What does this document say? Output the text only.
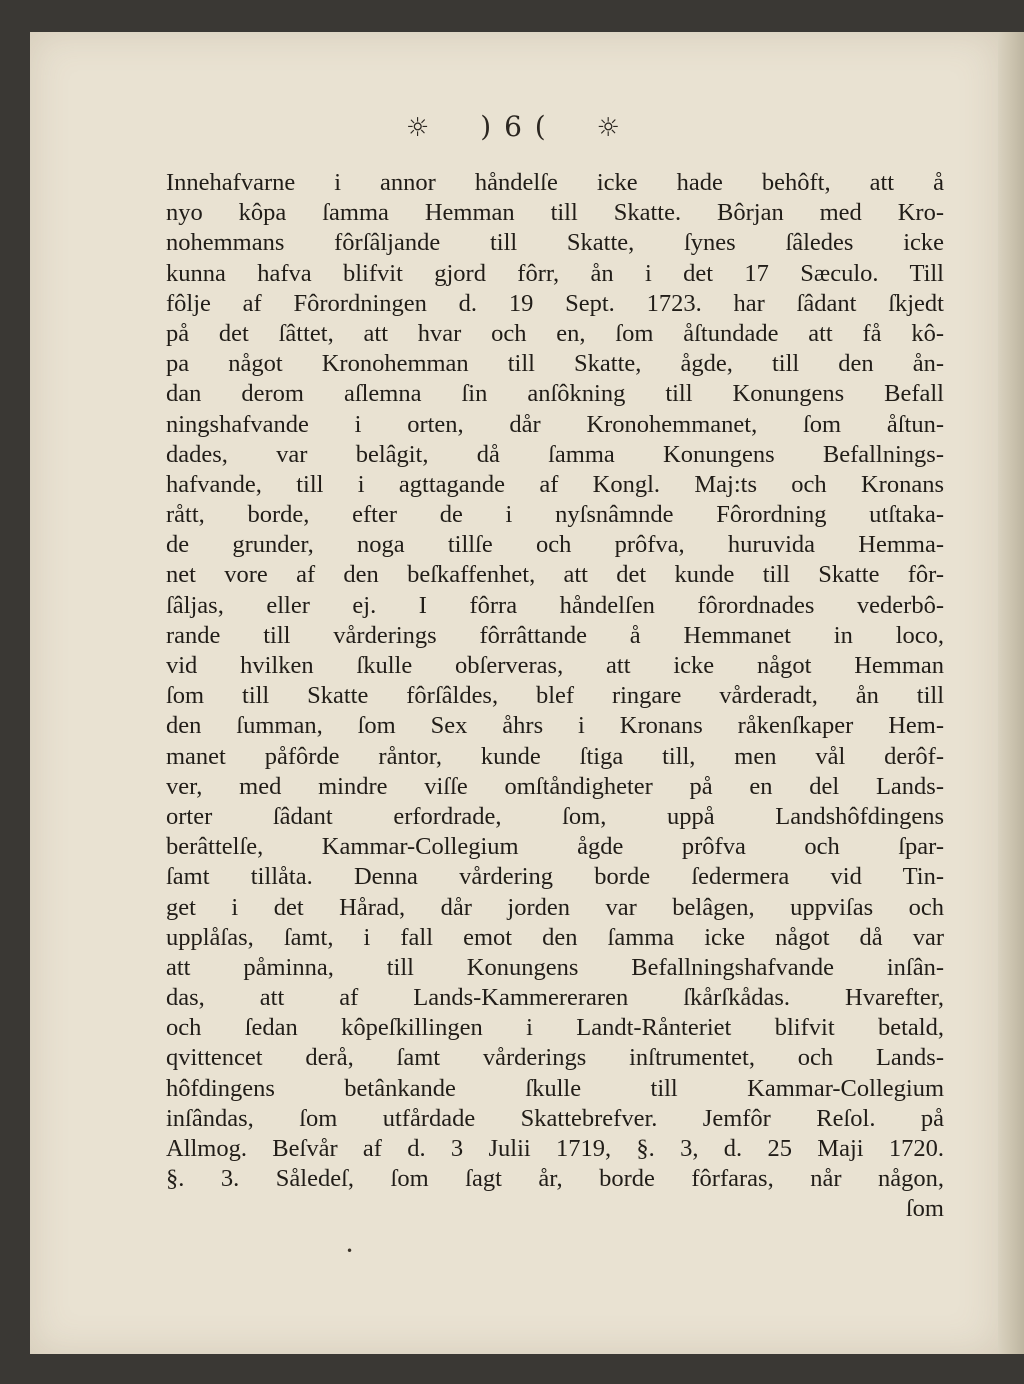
☼ ) 6 ( ☼
Innehafvarne i annor håndelſe icke hade behôft, att å
nyo kôpa ſamma Hemman till Skatte. Bôrjan med Kro-
nohemmans fôrſâljande till Skatte, ſynes ſâledes icke
kunna hafva blifvit gjord fôrr, ån i det 17 Sæculo. Till
fôlje af Fôrordningen d. 19 Sept. 1723. har ſâdant ſkjedt
på det ſâttet, att hvar och en, ſom åſtundade att få kô-
pa något Kronohemman till Skatte, ågde, till den ån-
dan derom aſlemna ſin anſôkning till Konungens Befall
ningshafvande i orten, dår Kronohemmanet, ſom åſtun-
dades, var belâgit, då ſamma Konungens Befallnings-
hafvande, till i agttagande af Kongl. Maj:ts och Kronans
rått, borde, efter de i nyſsnâmnde Fôrordning utſtaka-
de grunder, noga tillſe och prôfva, huruvida Hemma-
net vore af den beſkaffenhet, att det kunde till Skatte fôr-
ſâljas, eller ej. I fôrra håndelſen fôrordnades vederbô-
rande till vårderings fôrrâttande å Hemmanet in loco,
vid hvilken ſkulle obſerveras, att icke något Hemman
ſom till Skatte fôrſâldes, blef ringare vårderadt, ån till
den ſumman, ſom Sex åhrs i Kronans råkenſkaper Hem-
manet påfôrde råntor, kunde ſtiga till, men vål derôf-
ver, med mindre viſſe omſtåndigheter på en del Lands-
orter ſâdant erfordrade, ſom, uppå Landshôfdingens
berâttelſe, Kammar-Collegium ågde prôfva och ſpar-
ſamt tillåta. Denna vårdering borde ſedermera vid Tin-
get i det Hårad, dår jorden var belâgen, uppviſas och
upplåſas, ſamt, i fall emot den ſamma icke något då var
att påminna, till Konungens Befallningshafvande inſân-
das, att af Lands-Kammereraren ſkårſkådas. Hvarefter,
och ſedan kôpeſkillingen i Landt-Rånteriet blifvit betald,
qvittencet derå, ſamt vårderings inſtrumentet, och Lands-
hôfdingens betânkande ſkulle till Kammar-Collegium
inſândas, ſom utfårdade Skattebrefver. Jemfôr Reſol. på
Allmog. Beſvår af d. 3 Julii 1719, §. 3, d. 25 Maji 1720.
§. 3. Såledeſ, ſom ſagt år, borde fôrfaras, når någon,
ſom
•
